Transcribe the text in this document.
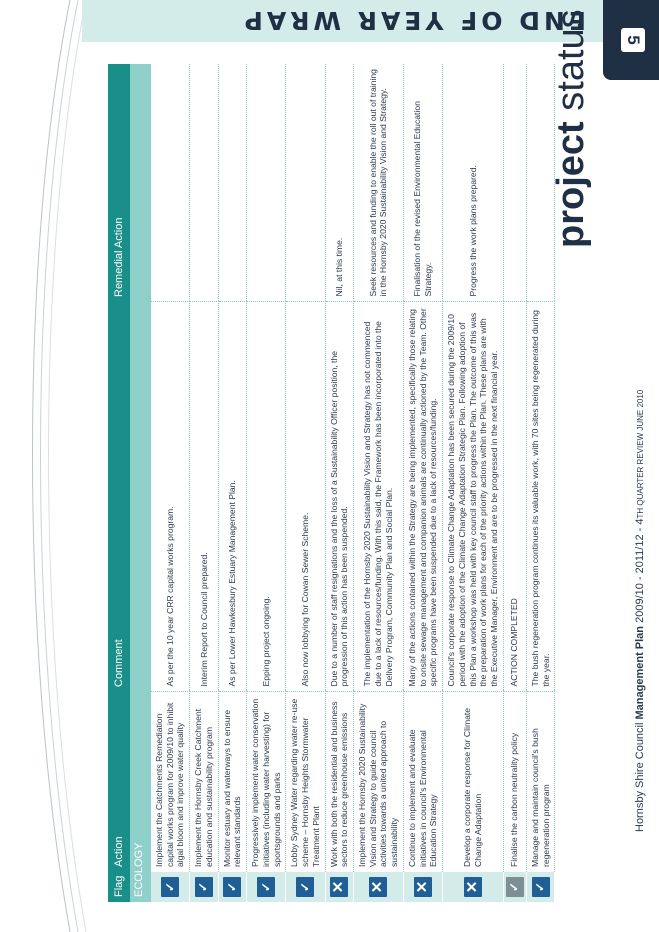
END OF YEAR WRAP
5
project status
Hornsby Shire Council Management Plan 2009/10 - 2011/12 - 4TH QUARTER REVIEW JUNE 2010
Flag	Action	Comment	Remedial Action
ECOLOGY			

✓	Implement the Catchments Remediation capital works program for 2009/10 to inhibit algal bloom and improve water quality	As per the 10 year CRR capital works program.	

✓	Implement the Hornsby Creek Catchment education and sustainability program	Interim Report to Council prepared.	

✓	Monitor estuary and waterways to ensure relevant standards	As per Lower Hawkesbury Estuary Management Plan.	

✓	Progressively implement water conservation initiatives (including water harvesting) for sportsgrounds and parks	Epping project ongoing.	

✓	Lobby Sydney Water regarding water re-use scheme – Hornsby Heights Stormwater Treatment Plant	Also now lobbying for Cowan Sewer Scheme.	

✕	Work with both the residential and business sectors to reduce greenhouse emissions	Due to a number of staff resignations and the loss of a Sustainability Officer position, the progression of this action has been suspended.	Nil, at this time.

✕	Implement the Hornsby 2020 Sustainability Vision and Strategy to guide council activities towards a united approach to sustainability	The implementation of the Hornsby 2020 Sustainability Vision and Strategy has not commenced due to a lack of resources/funding. With this said, the Framework has been incorporated into the Delivery Program, Community Plan and Social Plan.	Seek resources and funding to enable the roll out of training in the Hornsby 2020 Sustainability Vision and Strategy.

✕	Continue to implement and evaluate initiatives in council's Environmental Education Strategy	Many of the actions contained within the Strategy are being implemented, specifically those relating to onsite sewage management and companion animals are continually actioned by the Team. Other specific programs have been suspended due to a lack of resources/funding.	Finalisation of the revised Environmental Education Strategy.

✕	Develop a corporate response for Climate Change Adaptation	Council's corporate response to Climate Change Adaptation has been secured during the 2009/10 period with the adoption of the Climate Change Adaptation Strategic Plan. Following adoption of this Plan a workshop was held with key council staff to progress the Plan. The outcome of this was the preparation of work plans for each of the priority actions within the Plan. These plans are with the Executive Manager, Environment and are to be progressed in the next financial year.	Progress the work plans prepared.

✓	Finalise the carbon neutrality policy	ACTION COMPLETED	

✓	Manage and maintain council's bush regeneration program	The bush regeneration program continues its valuable work, with 70 sites being regenerated during the year.	
